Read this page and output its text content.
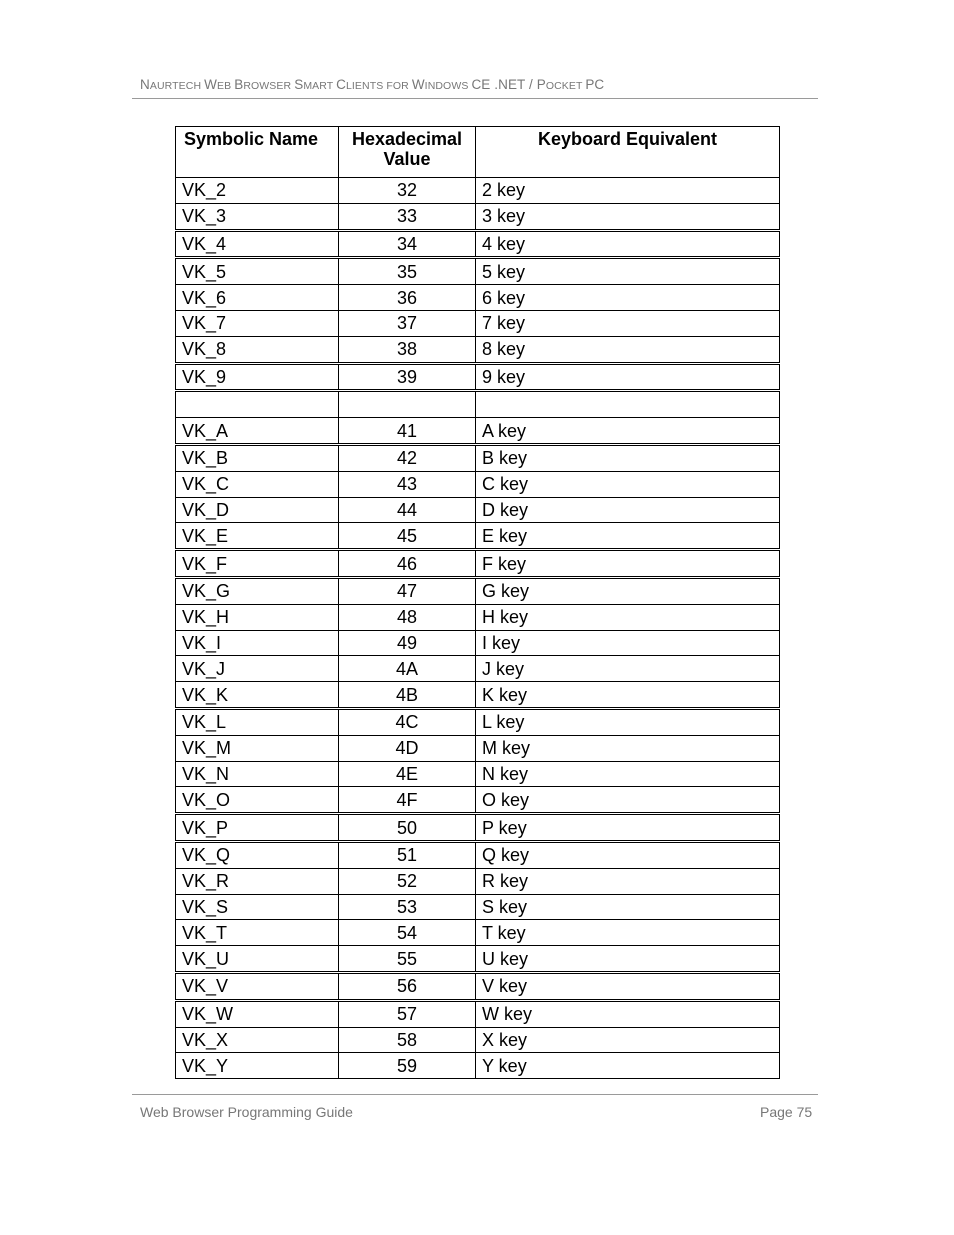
NAURTECH WEB BROWSER SMART CLIENTS FOR WINDOWS CE .NET / POCKET PC
Symbolic Name	Hexadecimal Value	Keyboard Equivalent
VK_2	32	2 key
VK_3	33	3 key
VK_4	34	4 key
VK_5	35	5 key
VK_6	36	6 key
VK_7	37	7 key
VK_8	38	8 key
VK_9	39	9 key

VK_A	41	A key
VK_B	42	B key
VK_C	43	C key
VK_D	44	D key
VK_E	45	E key
VK_F	46	F key
VK_G	47	G key
VK_H	48	H key
VK_I	49	I key
VK_J	4A	J key
VK_K	4B	K key
VK_L	4C	L key
VK_M	4D	M key
VK_N	4E	N key
VK_O	4F	O key
VK_P	50	P key
VK_Q	51	Q key
VK_R	52	R key
VK_S	53	S key
VK_T	54	T key
VK_U	55	U key
VK_V	56	V key
VK_W	57	W key
VK_X	58	X key
VK_Y	59	Y key
Web Browser Programming Guide	Page 75
